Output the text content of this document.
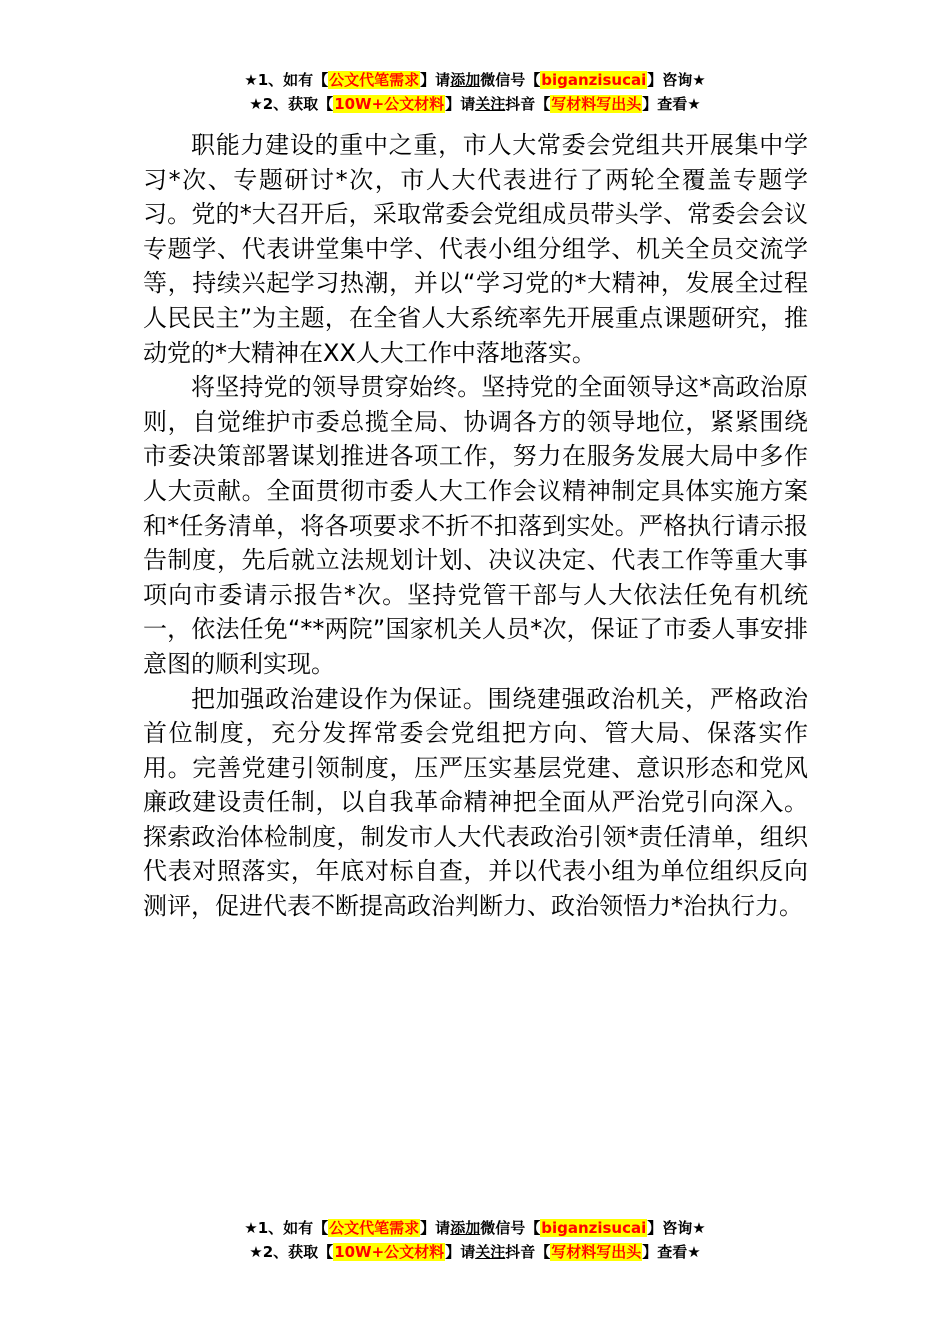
★1、如有【公文代笔需求】请添加微信号【biganzisucai】咨询★
★2、获取【10W+公文材料】请关注抖音【写材料写出头】查看★

职能力建设的重中之重，市人大常委会党组共开展集中学习*次、专题研讨*次，市人大代表进行了两轮全覆盖专题学习。党的*大召开后，采取常委会党组成员带头学、常委会会议专题学、代表讲堂集中学、代表小组分组学、机关全员交流学等，持续兴起学习热潮，并以“学习党的*大精神，发展全过程人民民主”为主题，在全省人大系统率先开展重点课题研究，推动党的*大精神在XX人大工作中落地落实。

将坚持党的领导贯穿始终。坚持党的全面领导这*高政治原则，自觉维护市委总揽全局、协调各方的领导地位，紧紧围绕市委决策部署谋划推进各项工作，努力在服务发展大局中多作人大贡献。全面贯彻市委人大工作会议精神制定具体实施方案和*任务清单，将各项要求不折不扣落到实处。严格执行请示报告制度，先后就立法规划计划、决议决定、代表工作等重大事项向市委请示报告*次。坚持党管干部与人大依法任免有机统一，依法任免“**两院”国家机关人员*次，保证了市委人事安排意图的顺利实现。

把加强政治建设作为保证。围绕建强政治机关，严格政治首位制度，充分发挥常委会党组把方向、管大局、保落实作用。完善党建引领制度，压严压实基层党建、意识形态和党风廉政建设责任制，以自我革命精神把全面从严治党引向深入。探索政治体检制度，制发市人大代表政治引领*责任清单，组织代表对照落实，年底对标自查，并以代表小组为单位组织反向测评，促进代表不断提高政治判断力、政治领悟力*治执行力。

★1、如有【公文代笔需求】请添加微信号【biganzisucai】咨询★
★2、获取【10W+公文材料】请关注抖音【写材料写出头】查看★
